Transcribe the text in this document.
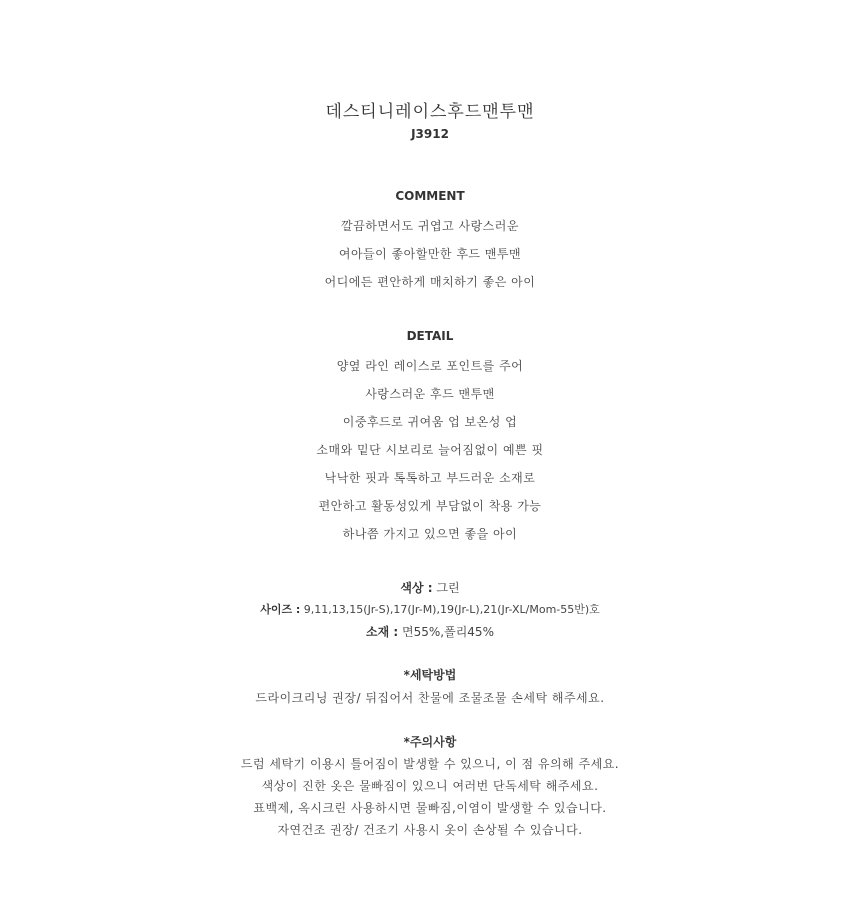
데스티니레이스후드맨투맨
J3912
COMMENT
깔끔하면서도 귀엽고 사랑스러운
여아들이 좋아할만한 후드 맨투맨
어디에든 편안하게 매치하기 좋은 아이
DETAIL
양옆 라인 레이스로 포인트를 주어
사랑스러운 후드 맨투맨
이중후드로 귀여움 업 보온성 업
소매와 밑단 시보리로 늘어짐없이 예쁜 핏
낙낙한 핏과 톡톡하고 부드러운 소재로
편안하고 활동성있게 부담없이 착용 가능
하나쯤 가지고 있으면 좋을 아이
색상 : 그린
사이즈 : 9,11,13,15(Jr-S),17(Jr-M),19(Jr-L),21(Jr-XL/Mom-55반)호
소재 : 면55%,폴리45%
*세탁방법
드라이크리닝 권장/ 뒤집어서 찬물에 조물조물 손세탁 해주세요.
*주의사항
드럼 세탁기 이용시 틀어짐이 발생할 수 있으니, 이 점 유의해 주세요.
색상이 진한 옷은 물빠짐이 있으니 여러번 단독세탁 해주세요.
표백제, 옥시크린 사용하시면 물빠짐,이염이 발생할 수 있습니다.
자연건조 권장/ 건조기 사용시 옷이 손상될 수 있습니다.
